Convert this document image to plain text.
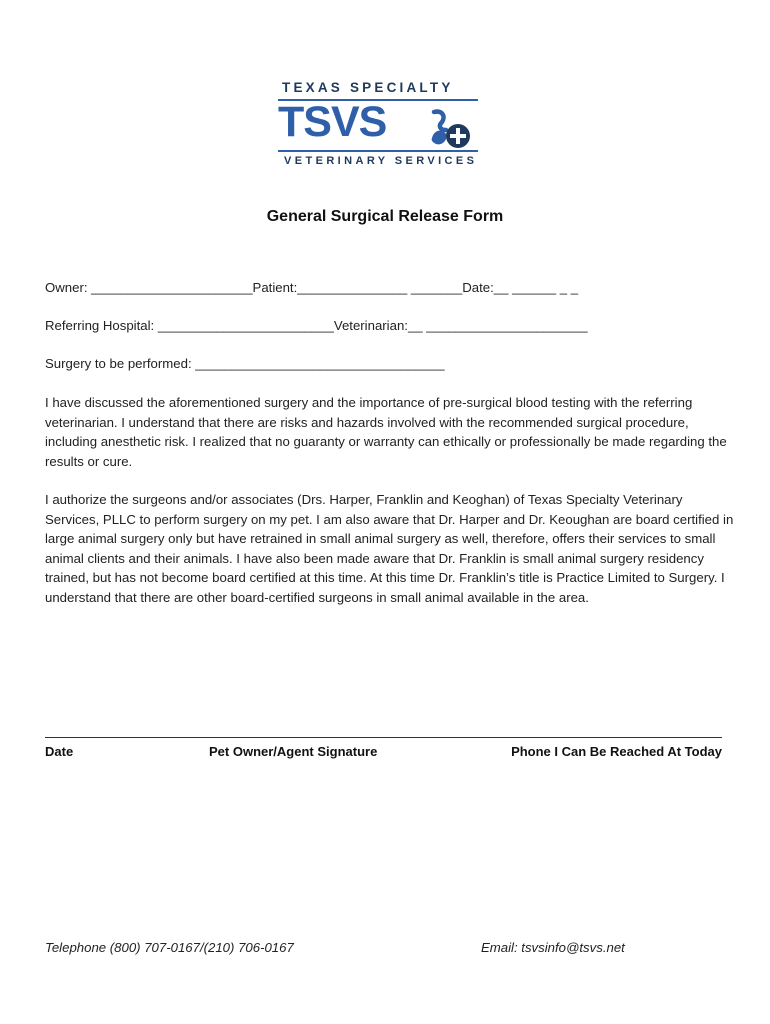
TEXAS SPECIALTY
TSVS
VETERINARY SERVICES
General Surgical Release Form
Owner: ______________________Patient:_______________ _______Date:__ ______ _ _
Referring Hospital: ________________________Veterinarian:__ ______________________
Surgery to be performed: __________________________________
I have discussed the aforementioned surgery and the importance of pre-surgical blood testing with the referring veterinarian. I understand that there are risks and hazards involved with the recommended surgical procedure, including anesthetic risk. I realized that no guaranty or warranty can ethically or professionally be made regarding the results or cure.
I authorize the surgeons and/or associates (Drs. Harper, Franklin and Keoghan) of Texas Specialty Veterinary Services, PLLC to perform surgery on my pet. I am also aware that Dr. Harper and Dr. Keoughan are board certified in large animal surgery only but have retrained in small animal surgery as well, therefore, offers their services to small animal clients and their animals. I have also been made aware that Dr. Franklin is small animal surgery residency trained, but has not become board certified at this time. At this time Dr. Franklin’s title is Practice Limited to Surgery. I understand that there are other board-certified surgeons in small animal available in the area.
Date	Pet Owner/Agent Signature	Phone I Can Be Reached At Today
Telephone (800) 707-0167/(210) 706-0167	Email: tsvsinfo@tsvs.net
